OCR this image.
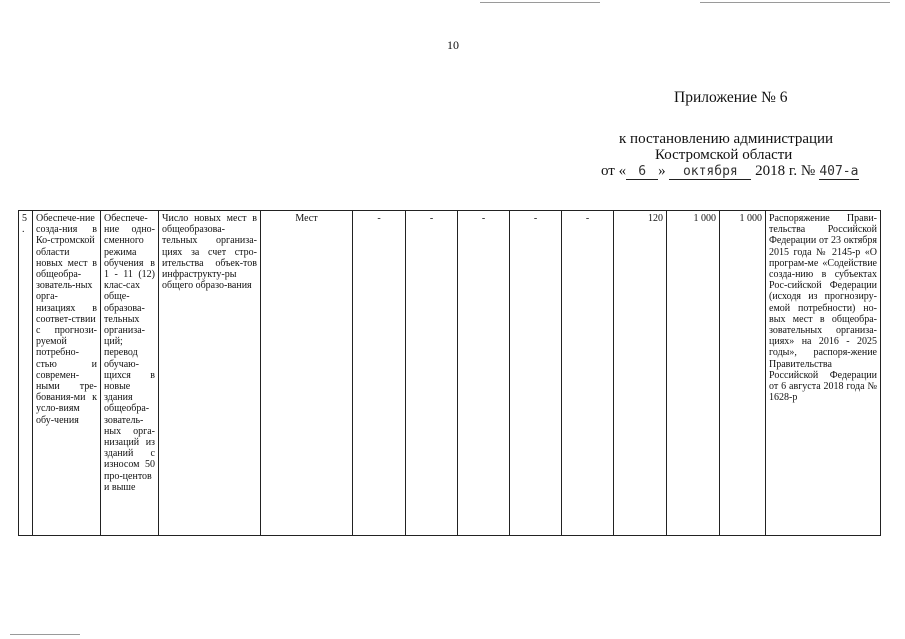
10
Приложение № 6
к постановлению администрации
Костромской области
от « 6 » октября 2018 г. № 407-а
5.	Обеспече-ние созда-ния в Ко-стромской области новых мест в общеобра-зователь-ных орга-низациях в соответ-ствии с прогнози-руемой потребно-стью и современ-ными тре-бования-ми к усло-виям обу-чения	Обеспече-ние одно-сменного режима обучения в 1 - 11 (12) клас-сах обще-образова-тельных организа-ций; перевод обучаю-щихся в новые здания общеобра-зователь-ных орга-низаций из зданий с износом 50 про-центов и выше	Число новых мест в общеобразова-тельных организа-циях за счет стро-ительства объек-тов инфраструкту-ры общего образо-вания	Мест	-	-	-	-	-	120	1 000	1 000	Распоряжение Прави-тельства Российской Федерации от 23 октября 2015 года № 2145-р «О програм-ме «Содействие созда-нию в субъектах Рос-сийской Федерации (исходя из прогнозиру-емой потребности) но-вых мест в общеобра-зовательных организа-циях» на 2016 - 2025 годы», распоря-жение Правительства Российской Федерации от 6 августа 2018 года № 1628-р
